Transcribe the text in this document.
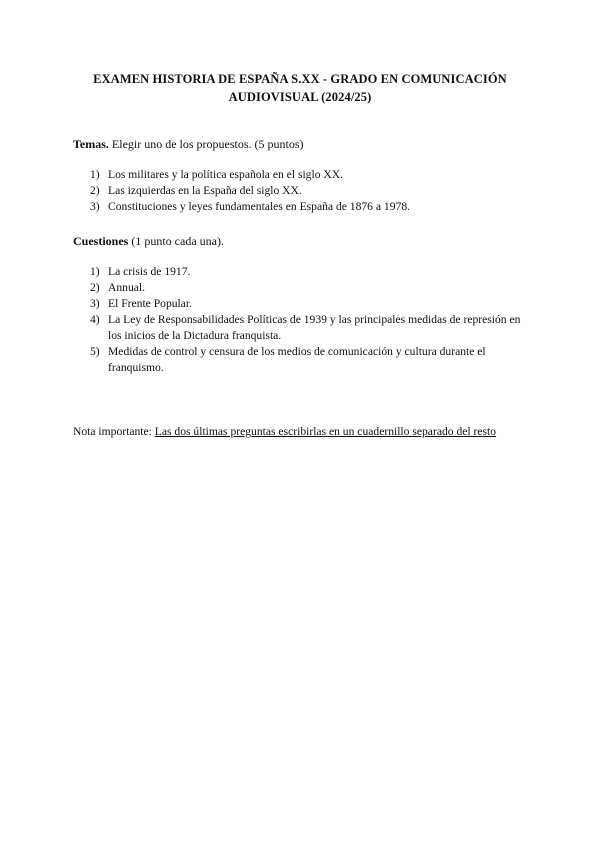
EXAMEN HISTORIA DE ESPAÑA S.XX - GRADO EN COMUNICACIÓN
AUDIOVISUAL (2024/25)
Temas. Elegir uno de los propuestos. (5 puntos)
1) Los militares y la política española en el siglo XX.
2) Las izquierdas en la España del siglo XX.
3) Constituciones y leyes fundamentales en España de 1876 a 1978.
Cuestiones (1 punto cada una).
1) La crisis de 1917.
2) Annual.
3) El Frente Popular.
4) La Ley de Responsabilidades Políticas de 1939 y las principales medidas de represión en los inicios de la Dictadura franquista.
5) Medidas de control y censura de los medios de comunicación y cultura durante el franquismo.
Nota importante: Las dos últimas preguntas escribirlas en un cuadernillo separado del resto
